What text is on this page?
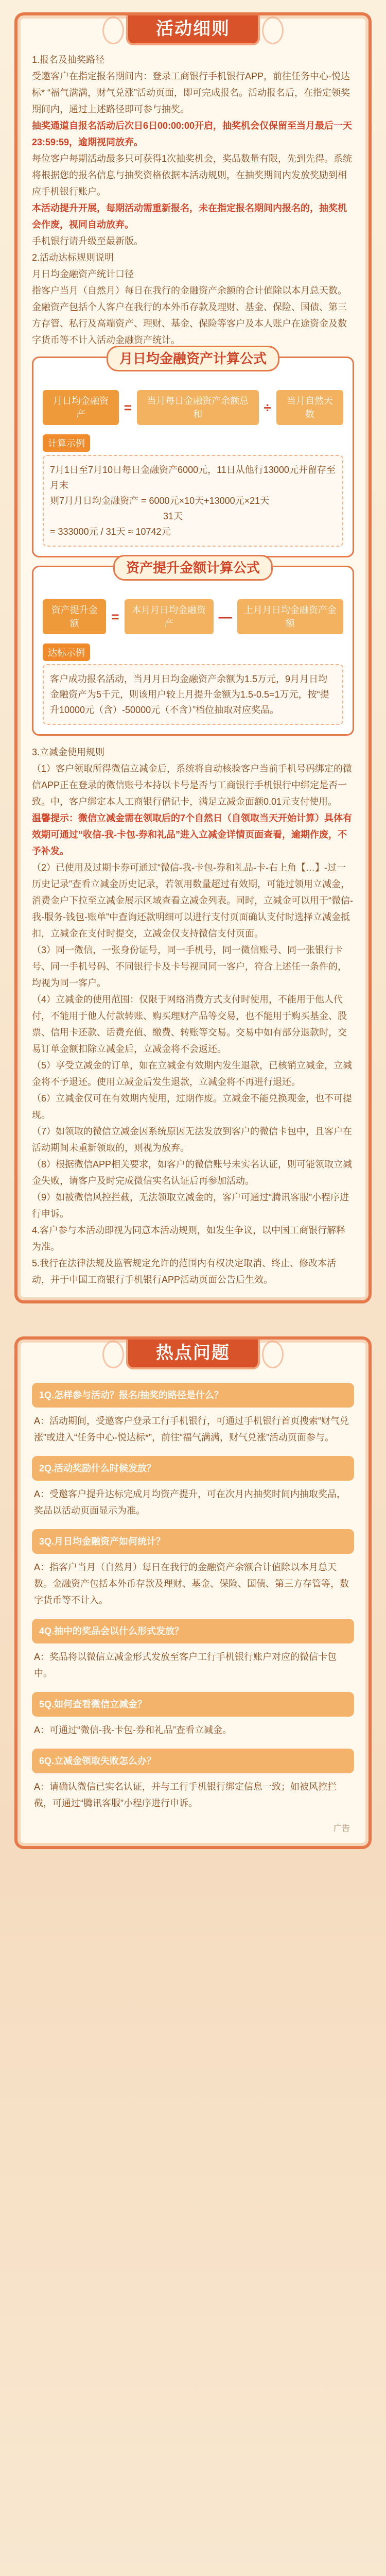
活动细则
1.报名及抽奖路径
受邀客户在指定报名期间内：登录工商银行手机银行APP，前往任务中心-悦达标* “福气满满，财气兑涨”活动页面，即可完成报名。活动报名后，在指定领奖期间内，通过上述路径即可参与抽奖。
抽奖通道自报名活动后次日6日00:00:00开启，抽奖机会仅保留至当月最后一天23:59:59，逾期视同放弃。
每位客户每期活动最多只可获得1次抽奖机会，奖品数量有限，先到先得。系统将根据您的报名信息与抽奖资格依据本活动规则，在抽奖期间内发放奖励到相应手机银行账户。
本活动提升开展，每期活动需重新报名，未在指定报名期间内报名的，抽奖机会作废，视同自动放弃。
手机银行请升级至最新版。
2.活动达标规则说明
月日均金融资产统计口径
指客户当月（自然月）每日在我行的金融资产余额的合计值除以本月总天数。金融资产包括个人客户在我行的本外币存款及理财、基金、保险、国债、第三方存管、私行及高端资产、理财、基金、保险等客户及本人账户在途资金及数字货币等不计入活动金融资产统计。
月日均金融资产计算公式
月日均金融资产	=	当月每日金融资产余额总和	÷	当月自然天数
计算示例
7月1日至7月10日每日金融资产6000元，11日从他行13000元并留存至月末
则7月月日均金融资产 = 6000元×10天+13000元×21天
31天
= 333000元 / 31天 ≈ 10742元
资产提升金额计算公式
资产提升金额	=	本月月日均金融资产	—	上月月日均金融资产金额
达标示例
客户成功报名活动，当月月日均金融资产余额为1.5万元，9月月日均金融资产为5千元，则该用户较上月提升金额为1.5-0.5=1万元，按“提升10000元（含）-50000元（不含）”档位抽取对应奖品。
3.立减金使用规则
（1）客户领取所得微信立减金后，系统将自动核验客户当前手机号码绑定的微信APP正在登录的微信账号本持以卡号是否与工商银行手机银行中绑定是否一致。中，客户绑定本人工商银行借记卡，满足立减金面额0.01元支付使用。
温馨提示：微信立减金需在领取后的7个自然日（自领取当天开始计算）具体有效期可通过“收信-我-卡包-券和礼品”进入立减金详情页面查看，逾期作废，不予补发。
（2）已使用及过期卡券可通过“微信-我-卡包-券和礼品-卡-右上角【…】-过一历史记录”查看立减金历史记录，若领用数量超过有效期，可能过领用立减金，消费金户下拉至立减金展示区域查看立减金列表。同时，立减金可以用于“微信-我-服务-钱包-账单”中查询还款明细可以进行支付页面确认支付时选择立减金抵扣，立减金在支付时提交，立减金仅支持微信支付页面。
（3）同一微信，一张身份证号，同一手机号，同一微信账号、同一张银行卡号、同一手机号码、不同银行卡及卡号视同同一客户，符合上述任一条件的，均视为同一客户。
（4）立减金的使用范围：仅限于网络消费方式支付时使用，不能用于他人代付，不能用于他人付款转账、购买理财产品等交易，也不能用于购买基金、股票、信用卡还款、话费充值、缴费、转账等交易。交易中如有部分退款时，交易订单金额扣除立减金后，立减金将不会返还。
（5）享受立减金的订单，如在立减金有效期内发生退款，已核销立减金，立减金将不予退还。使用立减金后发生退款，立减金将不再进行退还。
（6）立减金仅可在有效期内使用，过期作废。立减金不能兑换现金，也不可提现。
（7）如领取的微信立减金因系统原因无法发放到客户的微信卡包中，且客户在活动期间未重新领取的，则视为放弃。
（8）根据微信APP相关要求，如客户的微信账号未实名认证，则可能领取立减金失败，请客户及时完成微信实名认证后再参加活动。
（9）如被微信风控拦截，无法领取立减金的，客户可通过“腾讯客服”小程序进行申诉。
4.客户参与本活动即视为同意本活动规则，如发生争议，以中国工商银行解释为准。
5.我行在法律法规及监管规定允许的范围内有权决定取消、终止、修改本活动，并于中国工商银行手机银行APP活动页面公告后生效。
热点问题
1Q.怎样参与活动？报名/抽奖的路径是什么？
A：活动期间，受邀客户登录工行手机银行，可通过手机银行首页搜索“财气兑涨”或进入“任务中心-悦达标*”，前往“福气满满，财气兑涨”活动页面参与。
2Q.活动奖励什么时候发放？
A：受邀客户提升达标完成月均资产提升，可在次月内抽奖时间内抽取奖品，奖品以活动页面显示为准。
3Q.月日均金融资产如何统计？
A：指客户当月（自然月）每日在我行的金融资产余额合计值除以本月总天数。金融资产包括本外币存款及理财、基金、保险、国债、第三方存管等，数字货币等不计入。
4Q.抽中的奖品会以什么形式发放？
A：奖品将以微信立减金形式发放至客户工行手机银行账户对应的微信卡包中。
5Q.如何查看微信立减金？
A：可通过“微信-我-卡包-券和礼品”查看立减金。
6Q.立减金领取失败怎么办？
A：请确认微信已实名认证，并与工行手机银行绑定信息一致；如被风控拦截，可通过“腾讯客服”小程序进行申诉。
广告
